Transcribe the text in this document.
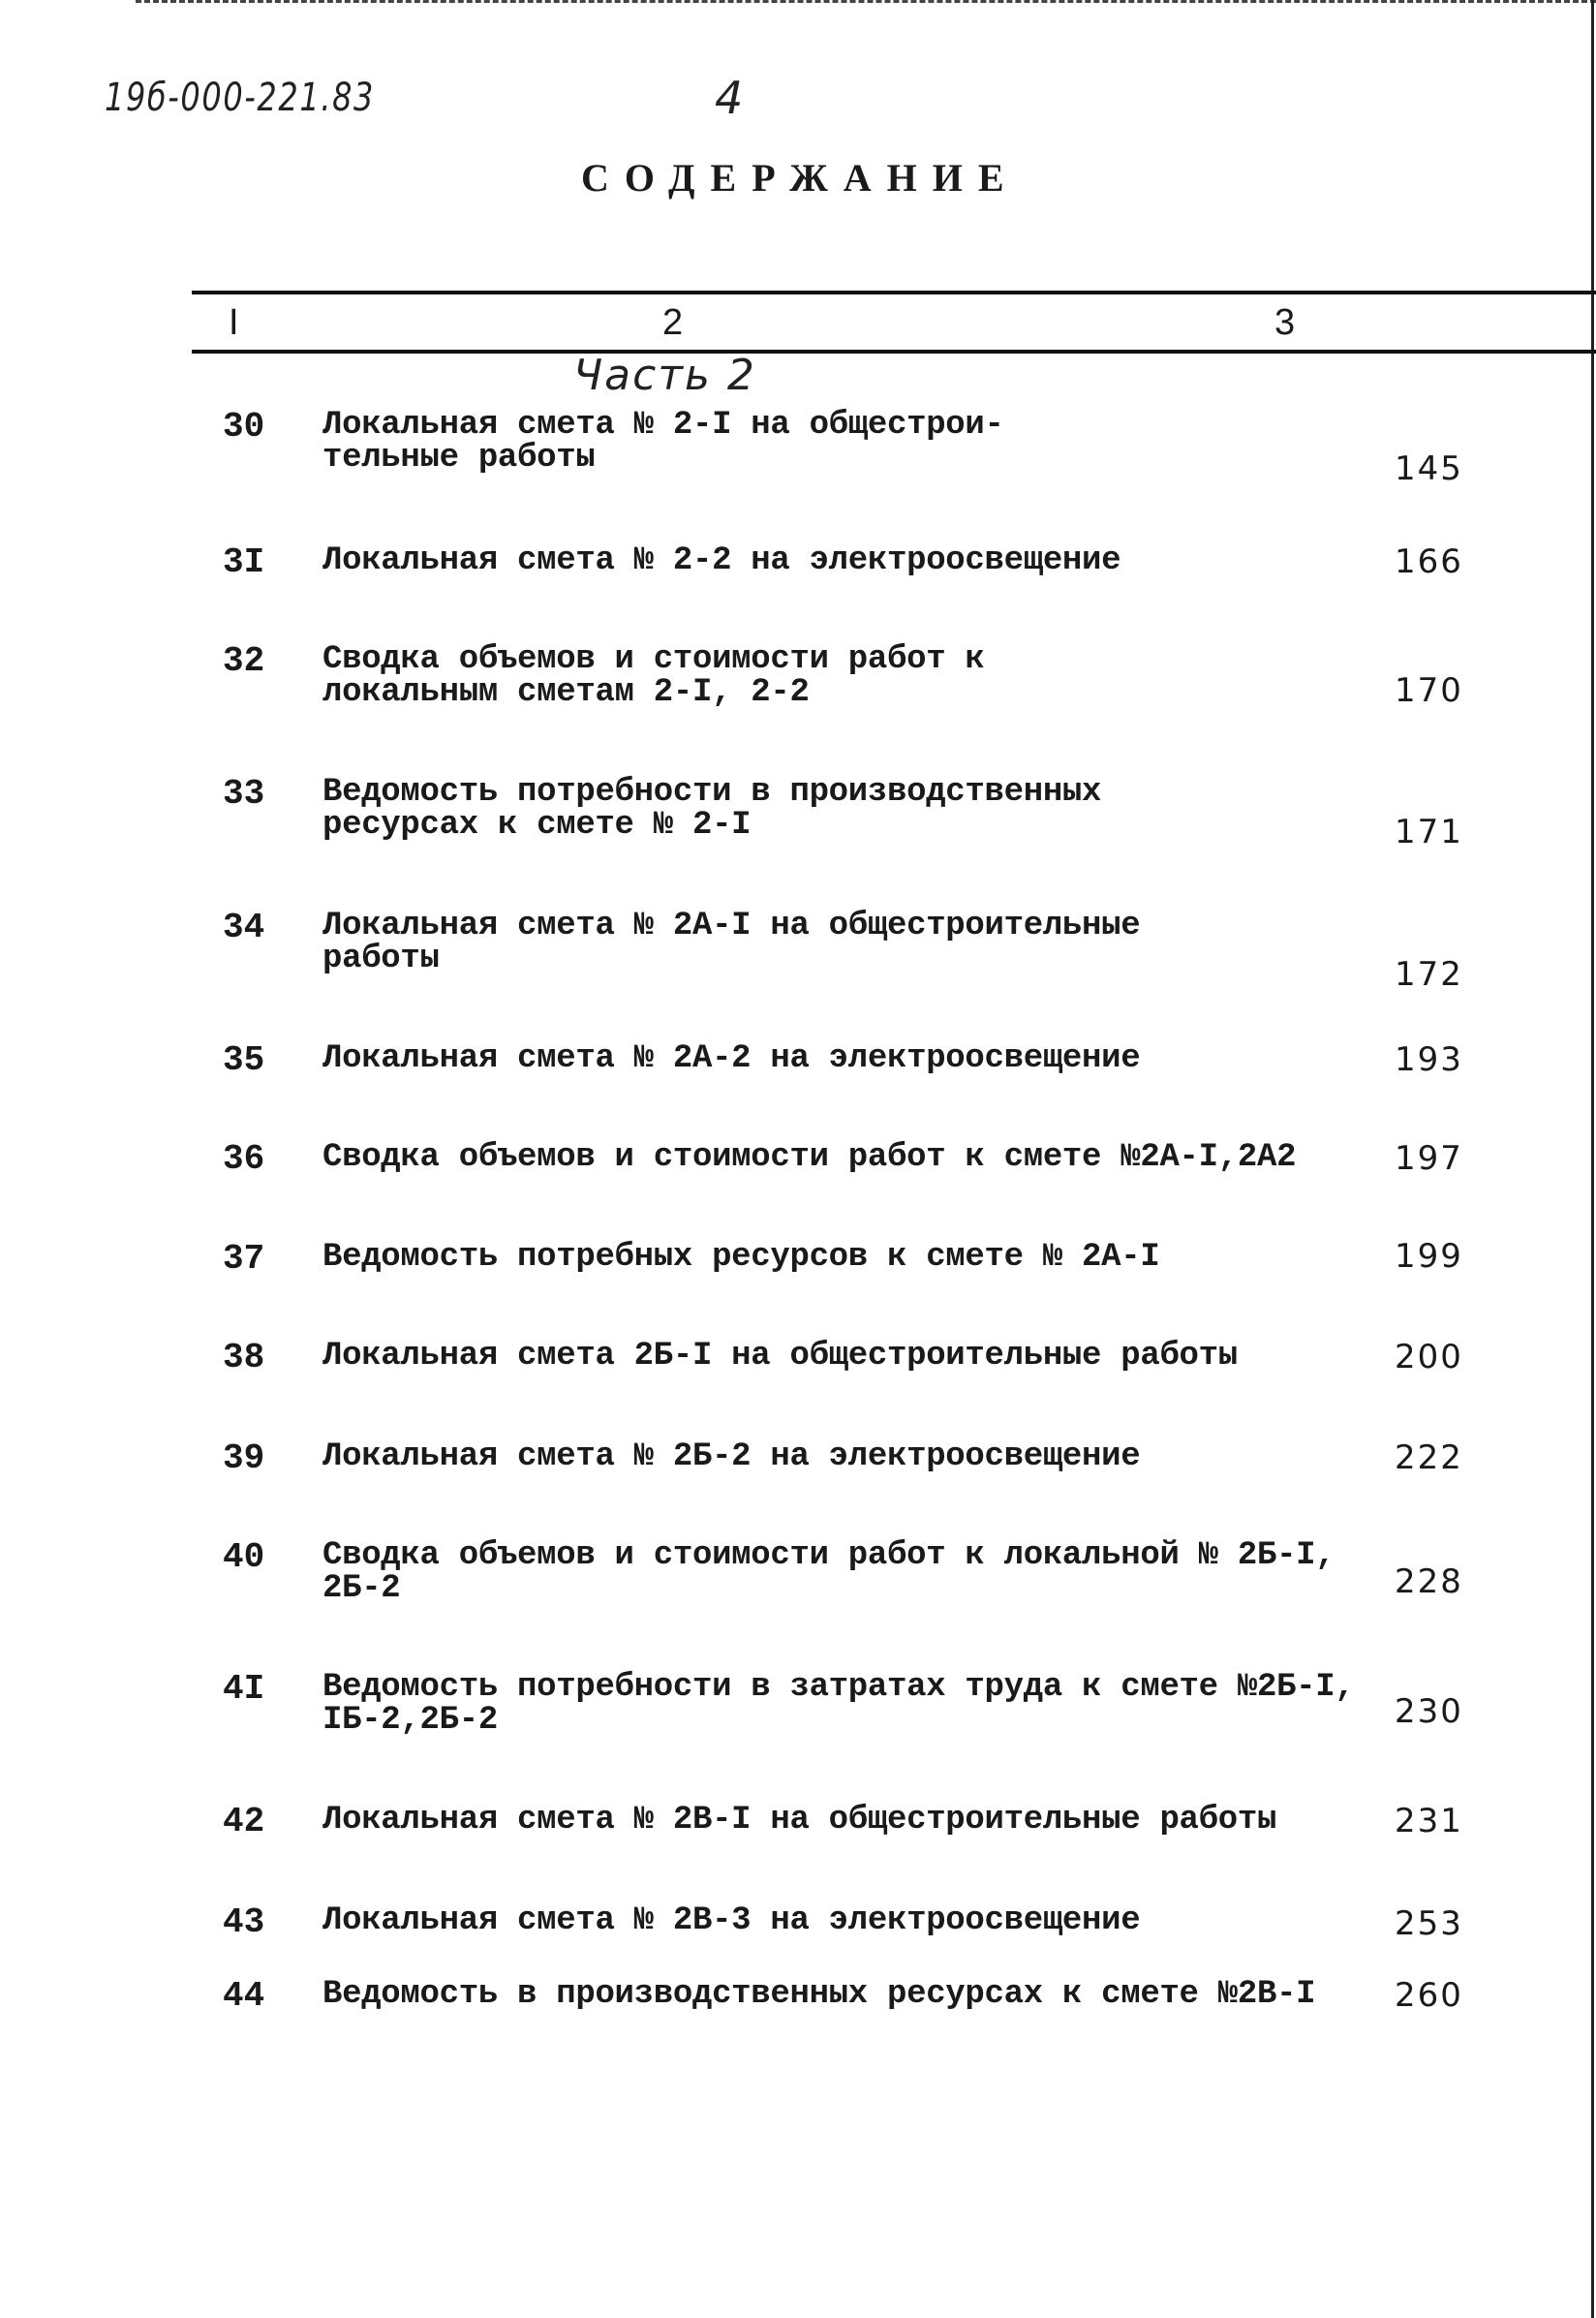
19б-000-221.83	4
СОДЕРЖАНИЕ
I	2	3
Часть 2
30 Локальная смета № 2-I на общестрои-
тельные работы	145
3I Локальная смета № 2-2 на электроосвещение	166
32 Сводка объемов и стоимости работ к
локальным сметам 2-I, 2-2	170
33 Ведомость потребности в производственных
ресурсах к смете № 2-I	171
34 Локальная смета № 2А-I на общестроительные
работы	172
35 Локальная смета № 2А-2 на электроосвещение	193
36 Сводка объемов и стоимости работ к смете №2А-I,2А2	197
37 Ведомость потребных ресурсов к смете № 2А-I	199
38 Локальная смета 2Б-I на общестроительные работы	200
39 Локальная смета № 2Б-2 на электроосвещение	222
40 Сводка объемов и стоимости работ к локальной № 2Б-I,
2Б-2	228
4I Ведомость потребности в затратах труда к смете №2Б-I,
IБ-2,2Б-2	230
42 Локальная смета № 2В-I на общестроительные работы	231
43 Локальная смета № 2В-3 на электроосвещение	253
44 Ведомость в производственных ресурсах к смете №2В-I 260
